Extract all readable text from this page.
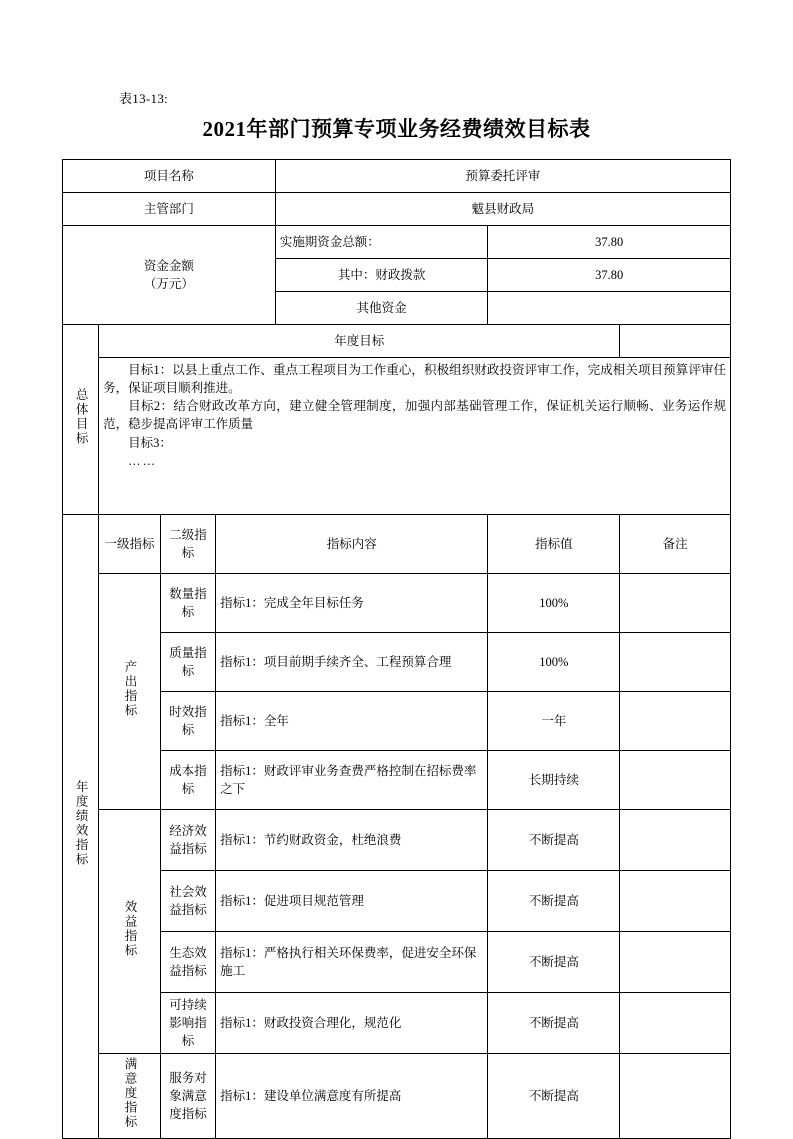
表13-13:
2021年部门预算专项业务经费绩效目标表
项目名称				预算委托评审		
主管部门				魃县财政局		

资金金额
（万元）				实施期资金总额：	37.80	
				其中：财政拨款	37.80	
				其他资金		
总体目标	年度目标					

	目标1：以县上重点工作、重点工程项目为工作重心，积极组织财政投资评审工作，完成相关项目预算评审任务，保证项目顺利推进。
目标2：结合财政改革方向，建立健全管理制度，加强内部基础管理工作，保证机关运行顺畅、业务运作规范，稳步提高评审工作质量
目标3：
……					

年度绩效指标	一级指标	二级指标	指标内容		指标值	备注
	产出指标	数量指标	指标1：完成全年目标任务		100%	
		质量指标	指标1：项目前期手续齐全、工程预算合理		100%	
		时效指标	指标1：全年		一年	
		成本指标	指标1：财政评审业务查费严格控制在招标费率之下		长期持续	
	效益指标	经济效益指标	指标1：节约财政资金，杜绝浪费		不断提高	
		社会效益指标	指标1：促进项目规范管理		不断提高	
		生态效益指标	指标1：严格执行相关环保费率，促进安全环保施工		不断提高	
		可持续影响指标	指标1：财政投资合理化，规范化		不断提高	
	满意度指标	服务对象满意度指标	指标1：建设单位满意度有所提高		不断提高	
